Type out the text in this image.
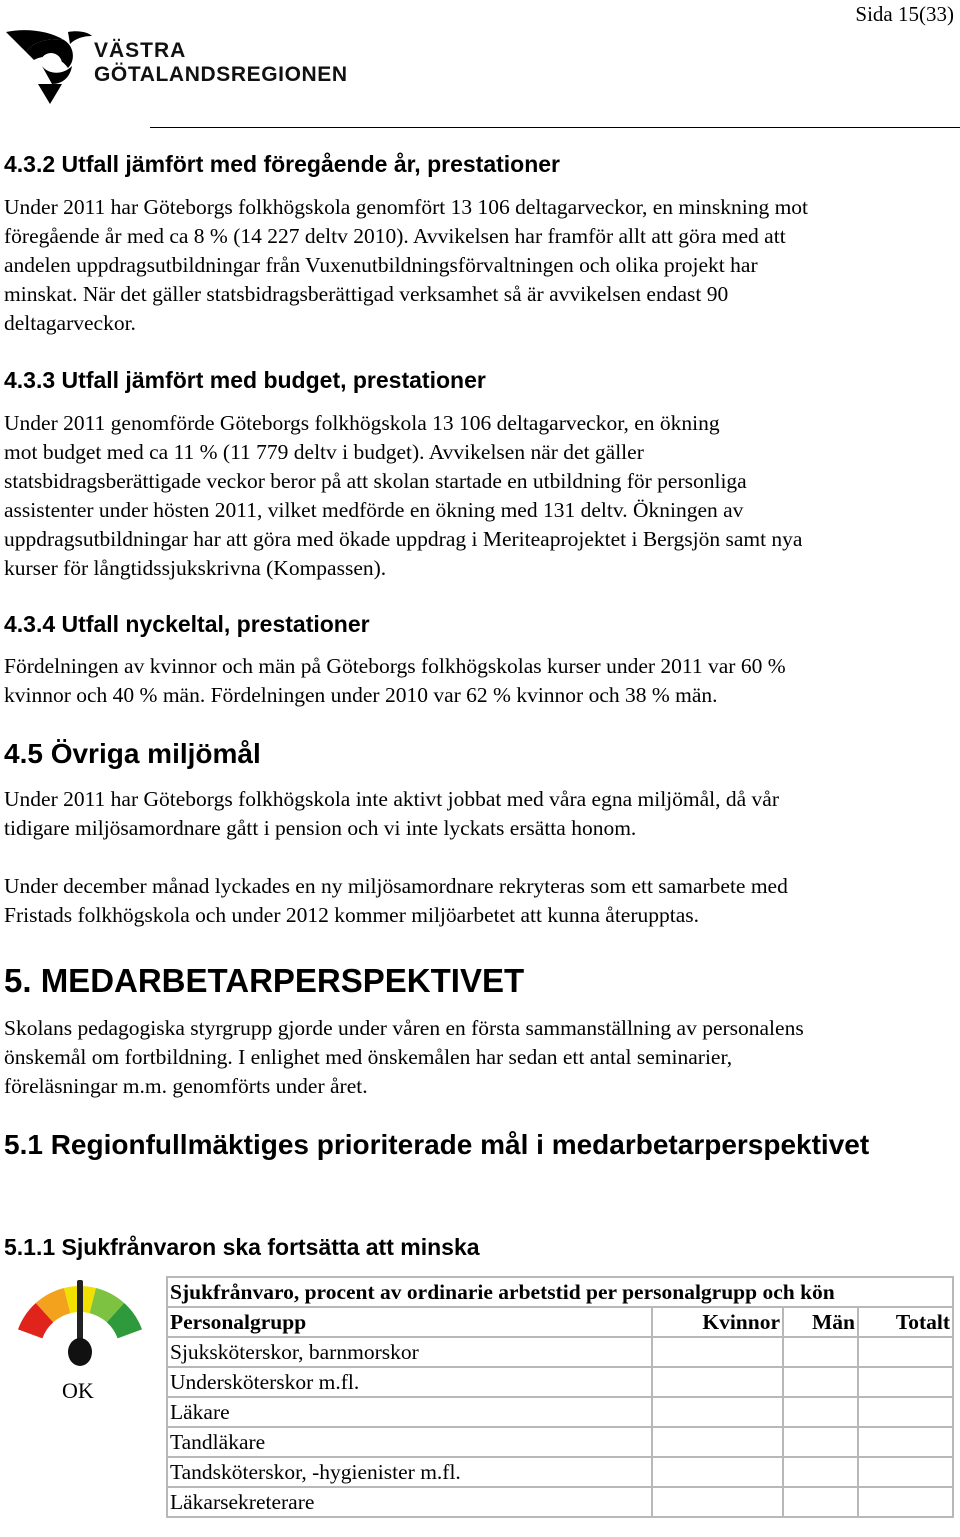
Sida 15(33)
VÄSTRA
GÖTALANDSREGIONEN
4.3.2 Utfall jämfört med föregående år, prestationer
Under 2011 har Göteborgs folkhögskola genomfört 13 106 deltagarveckor, en minskning mot
föregående år med ca 8 % (14 227 deltv 2010). Avvikelsen har framför allt att göra med att
andelen uppdragsutbildningar från Vuxenutbildningsförvaltningen och olika projekt har
minskat. När det gäller statsbidragsberättigad verksamhet så är avvikelsen endast 90
deltagarveckor.
4.3.3 Utfall jämfört med budget, prestationer
Under 2011 genomförde Göteborgs folkhögskola 13 106 deltagarveckor, en ökning
mot budget med ca 11 % (11 779 deltv i budget). Avvikelsen när det gäller
statsbidragsberättigade veckor beror på att skolan startade en utbildning för personliga
assistenter under hösten 2011, vilket medförde en ökning med 131 deltv. Ökningen av
uppdragsutbildningar har att göra med ökade uppdrag i Meriteaprojektet i Bergsjön samt nya
kurser för långtidssjukskrivna (Kompassen).
4.3.4 Utfall nyckeltal, prestationer
Fördelningen av kvinnor och män på Göteborgs folkhögskolas kurser under 2011 var 60 %
kvinnor och 40 % män. Fördelningen under 2010 var 62 % kvinnor och 38 % män.
4.5 Övriga miljömål
Under 2011 har Göteborgs folkhögskola inte aktivt jobbat med våra egna miljömål, då vår
tidigare miljösamordnare gått i pension och vi inte lyckats ersätta honom.
Under december månad lyckades en ny miljösamordnare rekryteras som ett samarbete med
Fristads folkhögskola och under 2012 kommer miljöarbetet att kunna återupptas.
5. MEDARBETARPERSPEKTIVET
Skolans pedagogiska styrgrupp gjorde under våren en första sammanställning av personalens
önskemål om fortbildning. I enlighet med önskemålen har sedan ett antal seminarier,
föreläsningar m.m. genomförts under året.
5.1 Regionfullmäktiges prioriterade mål i medarbetarperspektivet
5.1.1 Sjukfrånvaron ska fortsätta att minska
OK
Sjukfrånvaro, procent av ordinarie arbetstid per personalgrupp och kön			
Personalgrupp	Kvinnor	Män	Totalt
Sjuksköterskor, barnmorskor			
Undersköterskor m.fl.			
Läkare			
Tandläkare			
Tandsköterskor, -hygienister m.fl.			
Läkarsekreterare			
